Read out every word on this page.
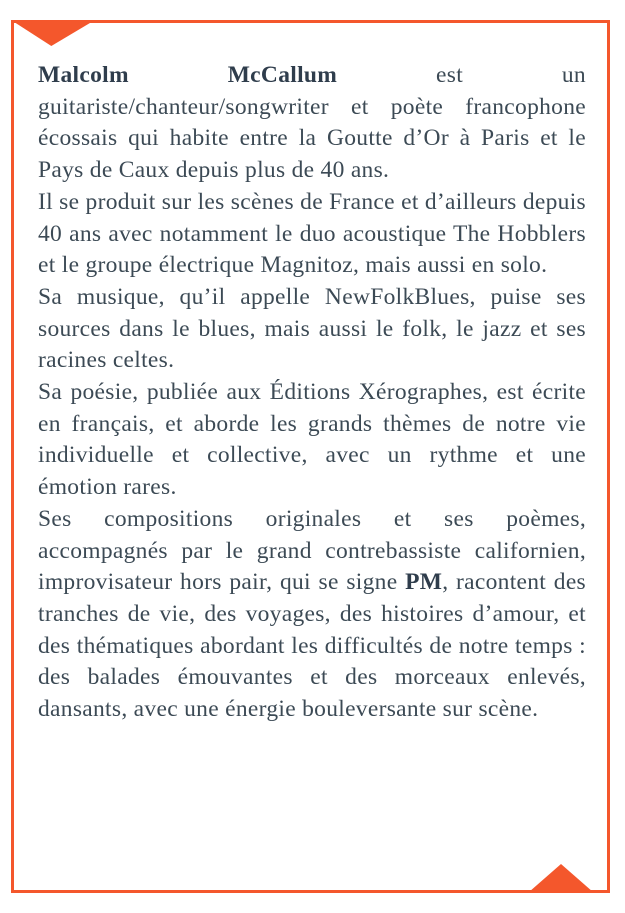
Malcolm McCallum est un guitariste/chanteur/songwriter et poète francophone écossais qui habite entre la Goutte d’Or à Paris et le Pays de Caux depuis plus de 40 ans.

Il se produit sur les scènes de France et d’ailleurs depuis 40 ans avec notamment le duo acoustique The Hobblers et le groupe électrique Magnitoz, mais aussi en solo.

Sa musique, qu’il appelle NewFolkBlues, puise ses sources dans le blues, mais aussi le folk, le jazz et ses racines celtes.

Sa poésie, publiée aux Éditions Xérographes, est écrite en français, et aborde les grands thèmes de notre vie individuelle et collective, avec un rythme et une émotion rares.

Ses compositions originales et ses poèmes, accompagnés par le grand contrebassiste californien, improvisateur hors pair, qui se signe PM, racontent des tranches de vie, des voyages, des histoires d’amour, et des thématiques abordant les difficultés de notre temps : des balades émouvantes et des morceaux enlevés, dansants, avec une énergie bouleversante sur scène.
